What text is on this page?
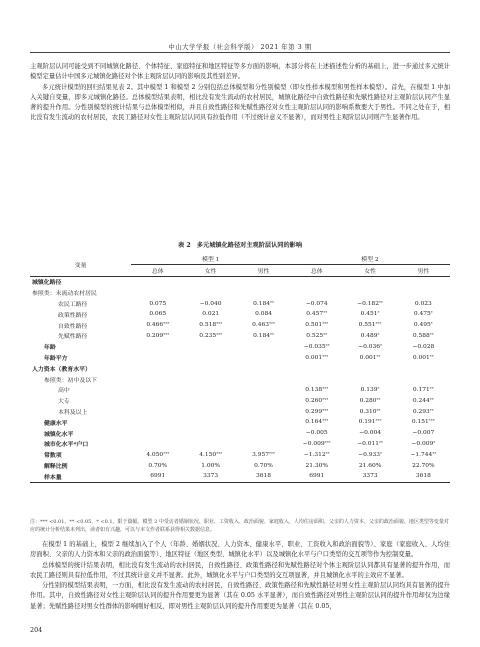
中山大学学报（社会科学版） 2021 年第 3 期

主观阶层认同可能受到不同城镇化路径、个体特征、家庭特征和地区特征等多方面的影响，本部分将在上述描述性分析的基础上，进一步通过多元统计模型定量估计中国多元城镇化路径对个体主观阶层认同的影响及其性别差异。

多元统计模型的回归结果见表 2。其中模型 1 和模型 2 分别包括总体模型和分性别模型（即女性样本模型和男性样本模型）。首先，在模型 1 中加入关键自变量，即多元城镇化路径。总体模型结果表明，相比没有发生流动的农村居民，城镇化路径中自致性路径和先赋性路径对主观阶层认同产生显著的提升作用。分性别模型的统计结果与总体模型相似，并且自致性路径和先赋性路径对女性主观阶层认同的影响系数要大于男性。不同之处在于，相比没有发生流动的农村居民，农民工路径对女性主观阶层认同具有拉低作用（不过统计意义不显著），而对男性主观阶层认同则产生显著作用。

表 2　多元城镇化路径对主观阶层认同的影响
变量	模型 1			模型 2		
	总体	女性	男性	总体	女性	男性
城镇化路径						
参照类：未流动农村居民						
农民工路径	0.075	−0.040	0.184**	−0.074	−0.182**	0.023
政策性路径	0.065	0.021	0.084	0.457**	0.451*	0.475*
自致性路径	0.466***	0.518***	0.463***	0.501***	0.551***	0.495*
先赋性路径	0.209***	0.235***	0.184**	0.525**	0.489*	0.588**
年龄				−0.035**	−0.036*	−0.028
年龄平方				0.001***	0.001**	0.001**
人力资本（教育水平）						
参照类：初中及以下						
高中				0.138***	0.139*	0.171**
大专				0.260***	0.280**	0.244**
本科及以上				0.299***	0.310**	0.293**
健康水平				0.164***	0.191***	0.151***
城镇化水平				−0.005	−0.004	−0.007
城市化水平*户口				−0.009***	−0.011**	−0.009*
常数项	4.050***	4.150***	3.957***	−1.312**	−0.933*	−1.744**
解释比例	0.70%	1.00%	0.70%	21.30%	21.60%	22.70%
样本量	6991	3373	3618	6991	3373	3618
注：*** <0.01，** <0.05，* <0.1。限于篇幅，模型 2 中受访者婚姻状况、职业、工资收入、政治面貌、家庭收入、人均住房面积、父亲的人力资本、父亲的政治面貌、地区类型等变量对应的统计分析结果未列出，读者如有兴趣，可以与本文作者联系获得相关数据信息。

在模型 1 的基础上，模型 2 继续加入了个人（年龄、婚姻状况、人力资本、健康水平、职业、工资收入和政治面貌等）、家庭（家庭收入、人均住房面积、父亲的人力资本和父亲的政治面貌等）、地区特征（地区类型、城镇化水平）以及城镇化水平与户口类型的交互项等作为控制变量。

总体模型的统计结果表明，相比没有发生流动的农村居民，自致性路径、政策性路径和先赋性路径对个体主观阶层认同都具有显著的提升作用，而农民工路径则具有拉低作用，不过其统计意义并不显著。此外，城镇化水平与户口类型的交互项显著，并且城镇化水平的主效应不显著。

分性别的模型结果表明，一方面，相比没有发生流动的农村居民，自致性路径、政策性路径和先赋性路径对男女性主观阶层认同均具有显著的提升作用。其中，自致性路径对女性主观阶层认同的提升作用要更为显著（其在 0.05 水平显著），而自致性路径对男性主观阶层认同的提升作用却仅为边缘显著；先赋性路径对男女性群体的影响刚好相反，即对男性主观阶层认同的提升作用要更为显著（其在 0.05，

204
